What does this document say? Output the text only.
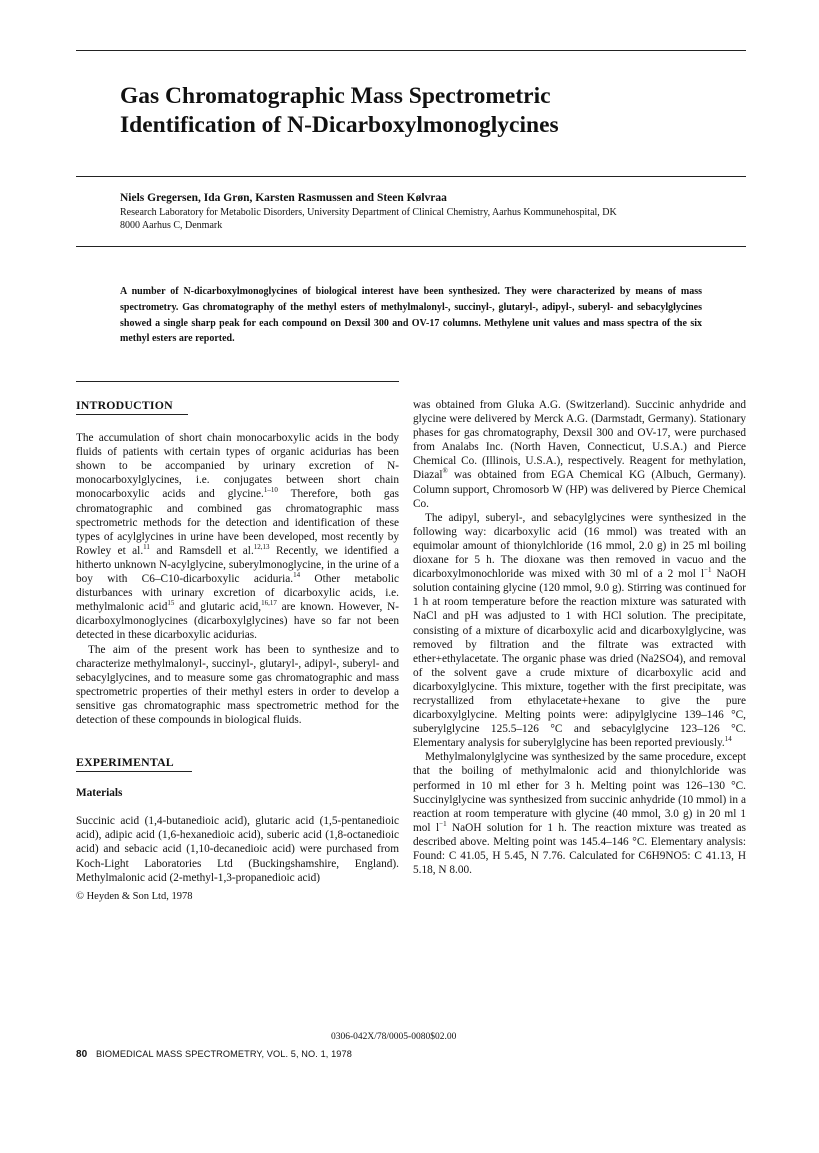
Gas Chromatographic Mass Spectrometric
Identification of N-Dicarboxylmonoglycines
Niels Gregersen, Ida Grøn, Karsten Rasmussen and Steen Kølvraa
Research Laboratory for Metabolic Disorders, University Department of Clinical Chemistry, Aarhus Kommunehospital, DK
8000 Aarhus C, Denmark

A number of N-dicarboxylmonoglycines of biological interest have been synthesized. They were characterized by means of mass spectrometry. Gas chromatography of the methyl esters of methylmalonyl-, succinyl-, glutaryl-, adipyl-, suberyl- and sebacylglycines showed a single sharp peak for each compound on Dexsil 300 and OV-17 columns. Methylene unit values and mass spectra of the six methyl esters are reported.

INTRODUCTION

The accumulation of short chain monocarboxylic acids in the body fluids of patients with certain types of organic acidurias has been shown to be accompanied by urinary excretion of N-monocarboxylglycines, i.e. conjugates between short chain monocarboxylic acids and glycine.$^{1-10}$ Therefore, both gas chromatographic and combined gas chromatographic mass spectrometric methods for the detection and identification of these types of acylglycines in urine have been developed, most recently by Rowley et al.$^{11}$ and Ramsdell et al.$^{12,13}$ Recently, we identified a hitherto unknown N-acylglycine, suberylmonoglycine, in the urine of a boy with C6–C10-dicarboxylic aciduria.$^{14}$ Other metabolic disturbances with urinary excretion of dicarboxylic acids, i.e. methylmalonic acid$^{15}$ and glutaric acid,$^{16,17}$ are known. However, N-dicarboxylmonoglycines (dicarboxylglycines) have so far not been detected in these dicarboxylic acidurias.

The aim of the present work has been to synthesize and to characterize methylmalonyl-, succinyl-, glutaryl-, adipyl-, suberyl- and sebacylglycines, and to measure some gas chromatographic and mass spectrometric properties of their methyl esters in order to develop a sensitive gas chromatographic mass spectrometric method for the detection of these compounds in biological fluids.

EXPERIMENTAL

Materials

Succinic acid (1,4-butanedioic acid), glutaric acid (1,5-pentanedioic acid), adipic acid (1,6-hexanedioic acid), suberic acid (1,8-octanedioic acid) and sebacic acid (1,10-decanedioic acid) were purchased from Koch-Light Laboratories Ltd (Buckingshamshire, England). Methylmalonic acid (2-methyl-1,3-propanedioic acid)

© Heyden & Son Ltd, 1978

was obtained from Gluka A.G. (Switzerland). Succinic anhydride and glycine were delivered by Merck A.G. (Darmstadt, Germany). Stationary phases for gas chromatography, Dexsil 300 and OV-17, were purchased from Analabs Inc. (North Haven, Connecticut, U.S.A.) and Pierce Chemical Co. (Illinois, U.S.A.), respectively. Reagent for methylation, Diazal® was obtained from EGA Chemical KG (Albuch, Germany). Column support, Chromosorb W (HP) was delivered by Pierce Chemical Co.

The adipyl, suberyl-, and sebacylglycines were synthesized in the following way: dicarboxylic acid (16 mmol) was treated with an equimolar amount of thionylchloride (16 mmol, 2.0 g) in 25 ml boiling dioxane for 5 h. The dioxane was then removed in vacuo and the dicarboxylmonochloride was mixed with 30 ml of a 2 mol $l^{-1}$ NaOH solution containing glycine (120 mmol, 9.0 g). Stirring was continued for 1 h at room temperature before the reaction mixture was saturated with NaCl and pH was adjusted to 1 with HCl solution. The precipitate, consisting of a mixture of dicarboxylic acid and dicarboxylglycine, was removed by filtration and the filtrate was extracted with ether+ethylacetate. The organic phase was dried (Na2SO4), and removal of the solvent gave a crude mixture of dicarboxylic acid and dicarboxylglycine. This mixture, together with the first precipitate, was recrystallized from ethylacetate+hexane to give the pure dicarboxylglycine. Melting points were: adipylglycine 139–146 °C, suberylglycine 125.5–126 °C and sebacylglycine 123–126 °C. Elementary analysis for suberylglycine has been reported previously.$^{14}$

Methylmalonylglycine was synthesized by the same procedure, except that the boiling of methylmalonic acid and thionylchloride was performed in 10 ml ether for 3 h. Melting point was 126–130 °C. Succinylglycine was synthesized from succinic anhydride (10 mmol) in a reaction at room temperature with glycine (40 mmol, 3.0 g) in 20 ml 1 mol $l^{-1}$ NaOH solution for 1 h. The reaction mixture was treated as described above. Melting point was 145.4–146 °C. Elementary analysis: Found: C 41.05, H 5.45, N 7.76. Calculated for C6H9NO5: C 41.13, H 5.18, N 8.00.

0306-042X/78/0005-0080$02.00
80 BIOMEDICAL MASS SPECTROMETRY, VOL. 5, NO. 1, 1978
